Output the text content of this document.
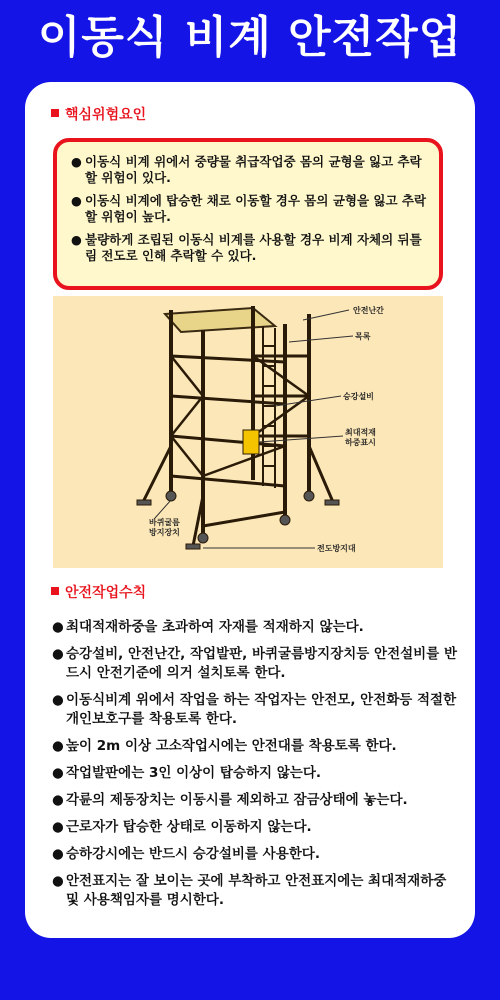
이동식 비계 안전작업
핵심위험요인
● 이동식 비계 위에서 중량물 취급작업중 몸의 균형을 잃고 추락할 위험이 있다.
● 이동식 비계에 탑승한 채로 이동할 경우 몸의 균형을 잃고 추락할 위험이 높다.
● 불량하게 조립된 이동식 비계를 사용할 경우 비계 자체의 뒤틀림 전도로 인해 추락할 수 있다.
안전난간
목록
승강설비
최대적재
하중표시
바퀴굴름
방지장치
전도방지대
안전작업수칙
● 최대적재하중을 초과하여 자재를 적재하지 않는다.
● 승강설비, 안전난간, 작업발판, 바퀴굴름방지장치등 안전설비를 반드시 안전기준에 의거 설치토록 한다.
● 이동식비계 위에서 작업을 하는 작업자는 안전모, 안전화등 적절한 개인보호구를 착용토록 한다.
● 높이 2m 이상 고소작업시에는 안전대를 착용토록 한다.
● 작업발판에는 3인 이상이 탑승하지 않는다.
● 각륜의 제동장치는 이동시를 제외하고 잠금상태에 놓는다.
● 근로자가 탑승한 상태로 이동하지 않는다.
● 승하강시에는 반드시 승강설비를 사용한다.
● 안전표지는 잘 보이는 곳에 부착하고 안전표지에는 최대적재하중 및 사용책임자를 명시한다.
